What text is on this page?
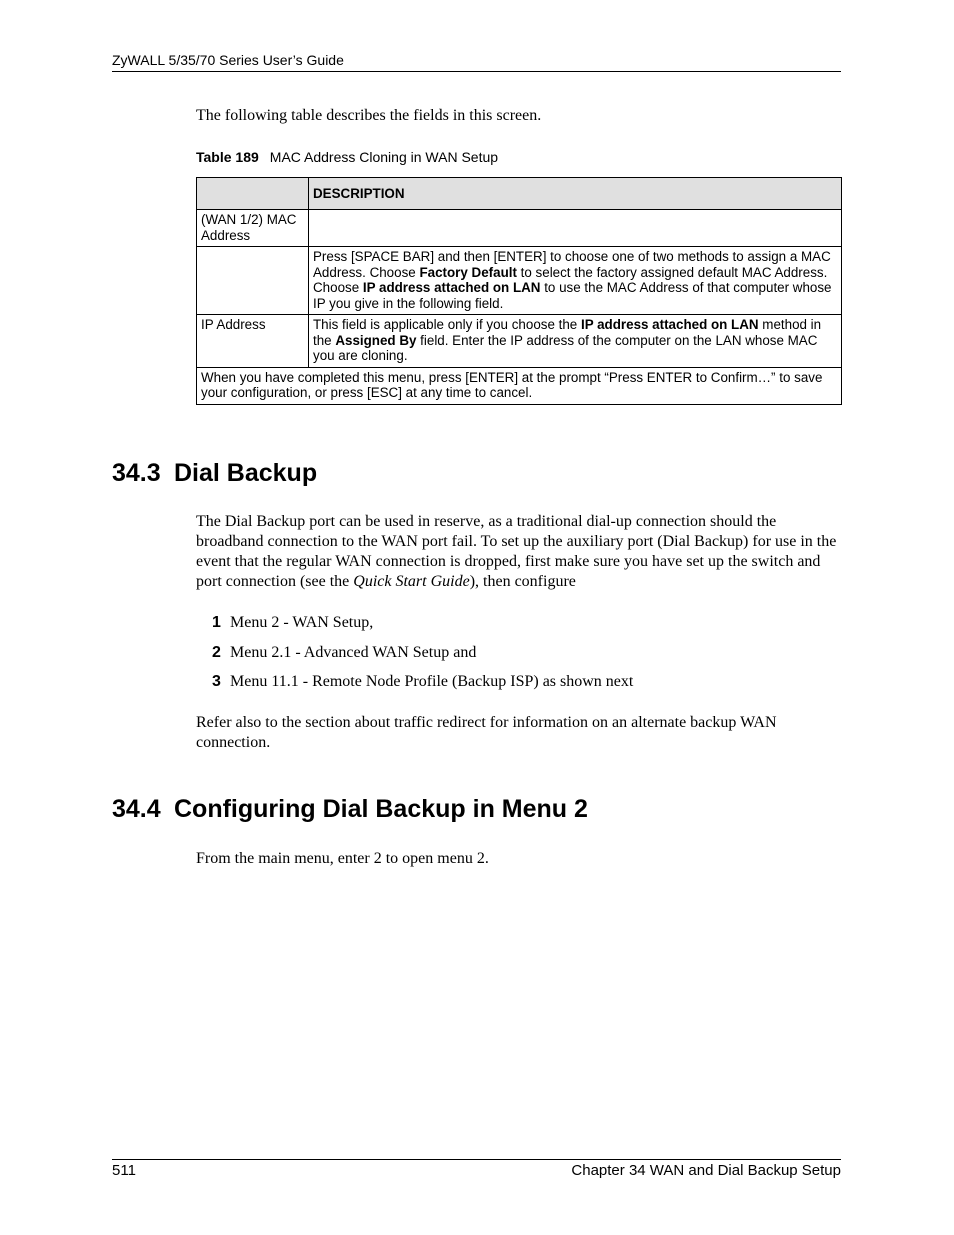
ZyWALL 5/35/70 Series User’s Guide
The following table describes the fields in this screen.
Table 189 MAC Address Cloning in WAN Setup
	DESCRIPTION
(WAN 1/2) MAC Address	
	Press [SPACE BAR] and then [ENTER] to choose one of two methods to assign a MAC Address. Choose Factory Default to select the factory assigned default MAC Address. Choose IP address attached on LAN to use the MAC Address of that computer whose IP you give in the following field.
IP Address	This field is applicable only if you choose the IP address attached on LAN method in the Assigned By field. Enter the IP address of the computer on the LAN whose MAC you are cloning.
When you have completed this menu, press [ENTER] at the prompt “Press ENTER to Confirm…” to save your configuration, or press [ESC] at any time to cancel.	
34.3 Dial Backup
The Dial Backup port can be used in reserve, as a traditional dial-up connection should the broadband connection to the WAN port fail. To set up the auxiliary port (Dial Backup) for use in the event that the regular WAN connection is dropped, first make sure you have set up the switch and port connection (see the Quick Start Guide), then configure
1 Menu 2 - WAN Setup,
2 Menu 2.1 - Advanced WAN Setup and
3 Menu 11.1 - Remote Node Profile (Backup ISP) as shown next
Refer also to the section about traffic redirect for information on an alternate backup WAN connection.
34.4 Configuring Dial Backup in Menu 2
From the main menu, enter 2 to open menu 2.
511	Chapter 34 WAN and Dial Backup Setup
